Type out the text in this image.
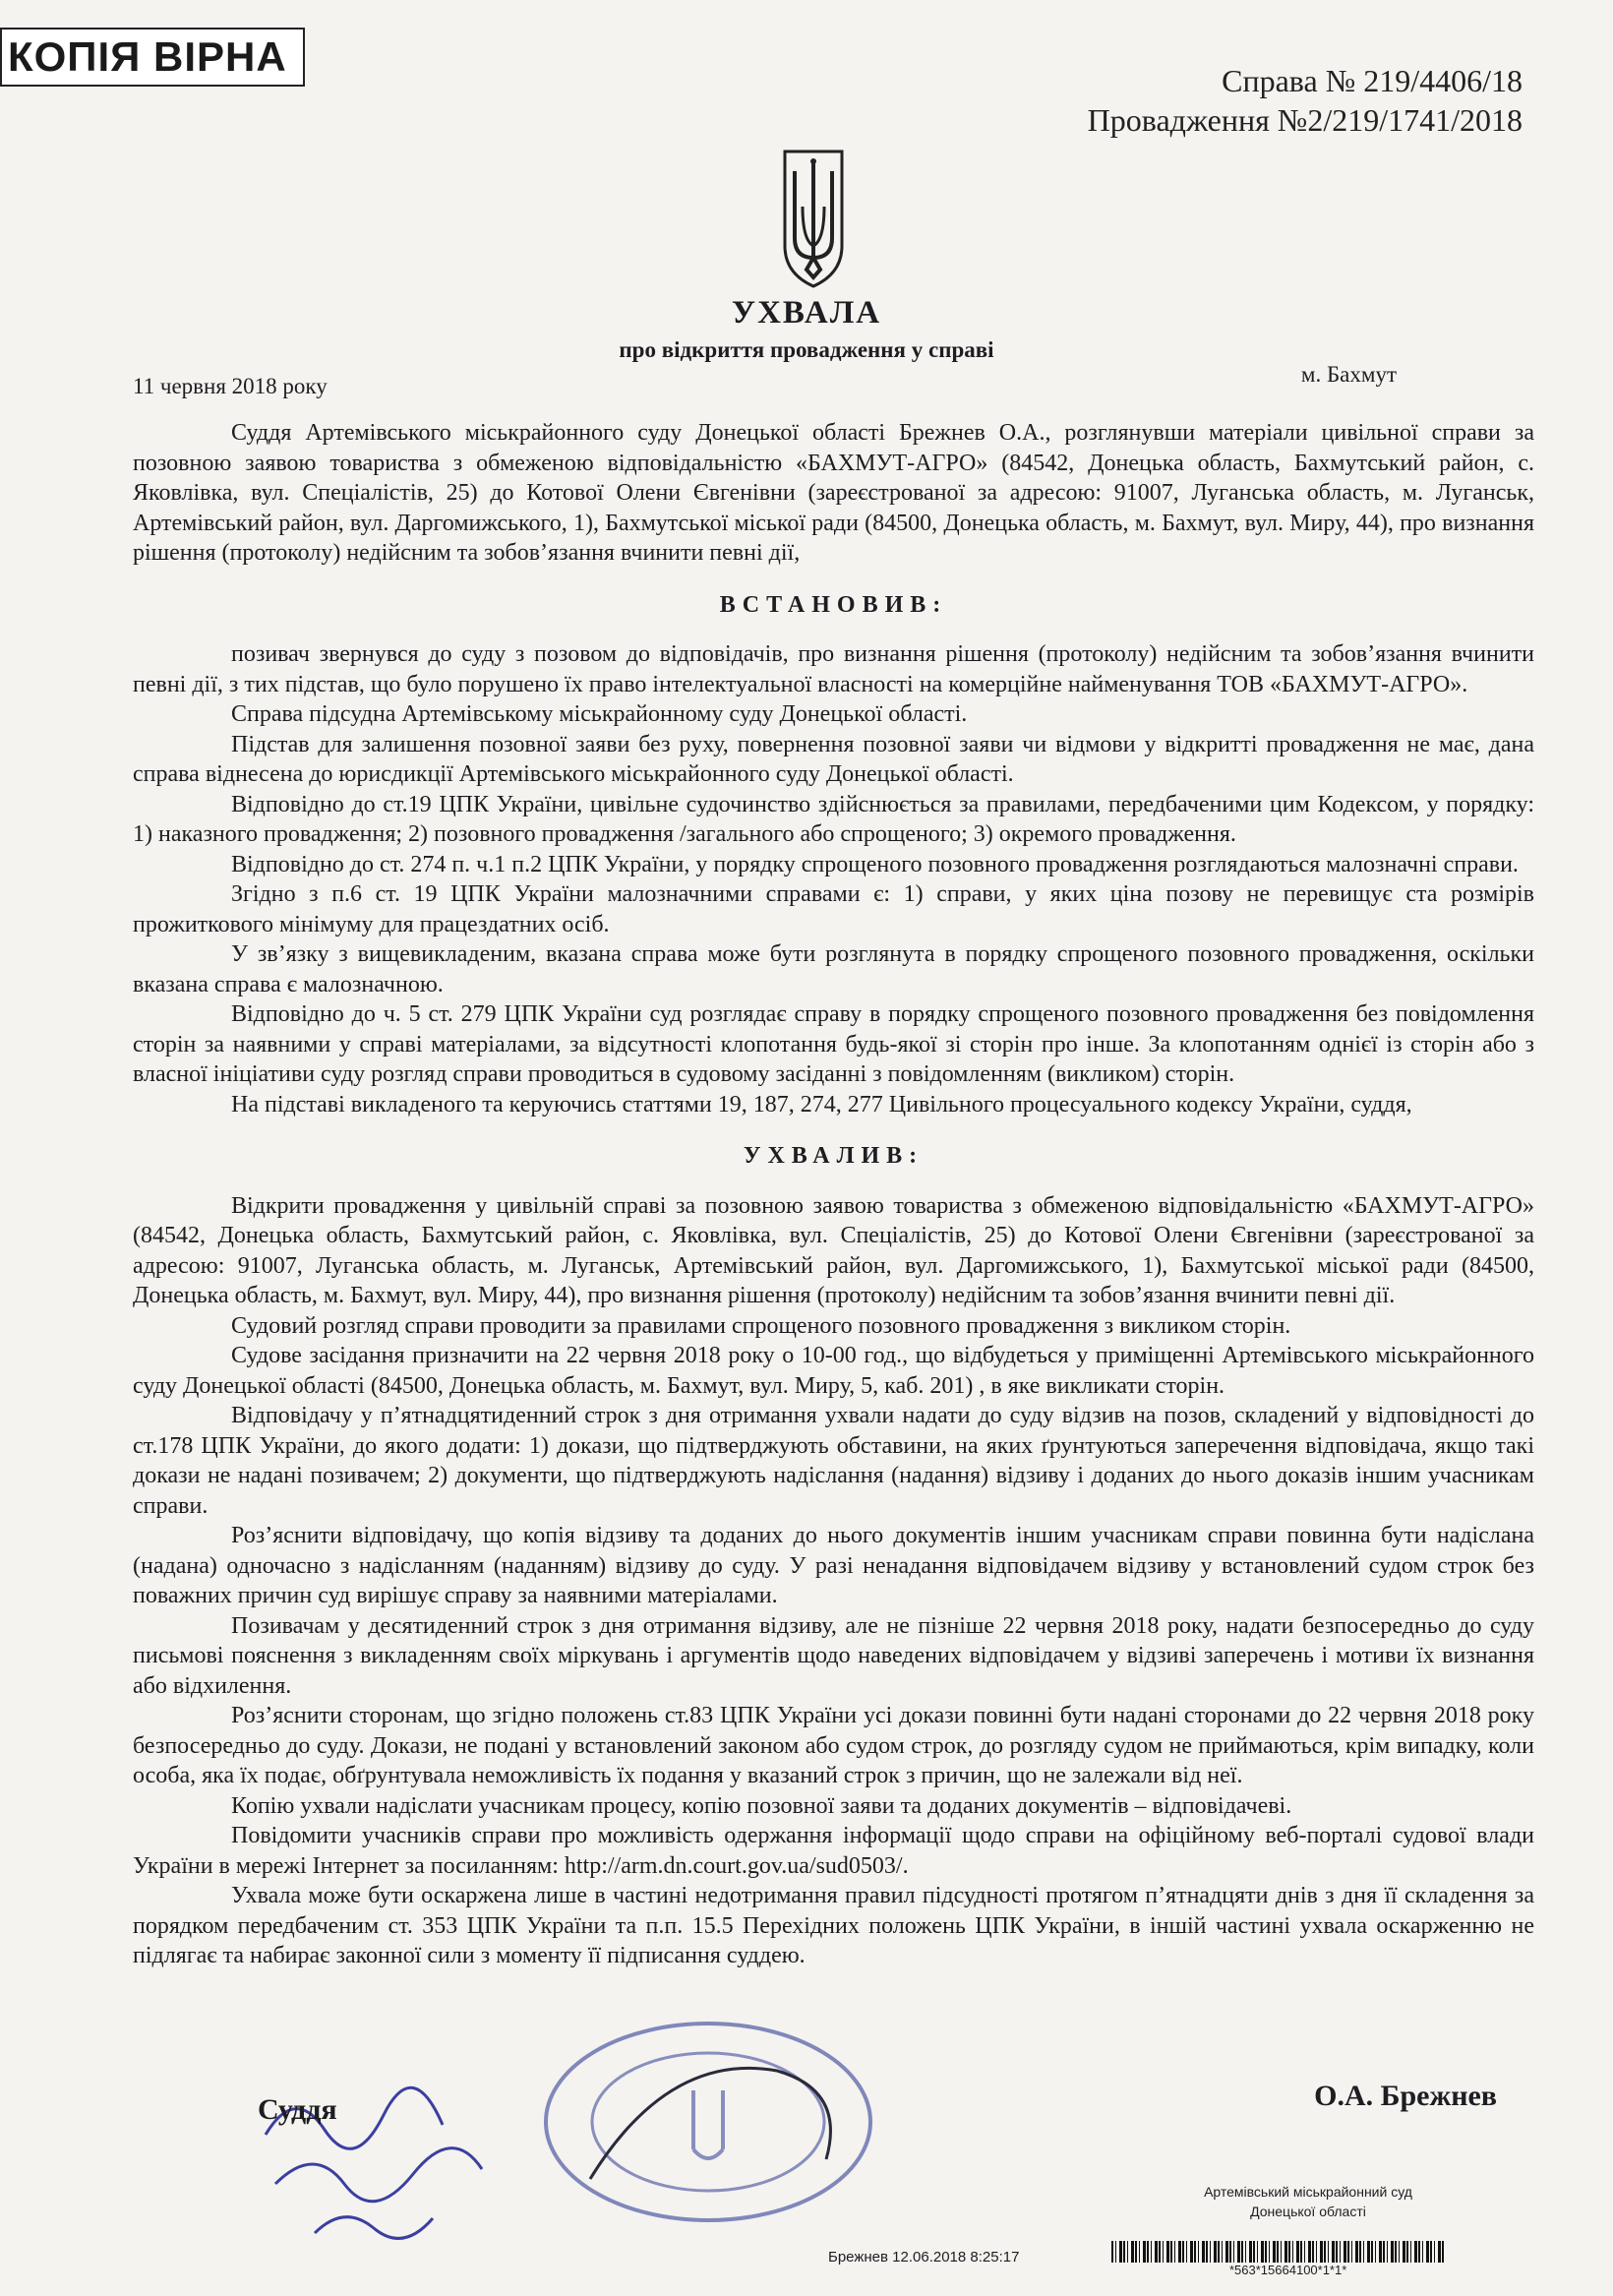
КОПІЯ ВІРНА
Справа № 219/4406/18
Провадження №2/219/1741/2018
УХВАЛА
про відкриття провадження у справі
11 червня 2018 року	м. Бахмут

Суддя Артемівського міськрайонного суду Донецької області Брежнев О.А., розглянувши матеріали цивільної справи за позовною заявою товариства з обмеженою відповідальністю «БАХМУТ-АГРО» (84542, Донецька область, Бахмутський район, с. Яковлівка, вул. Спеціалістів, 25) до Котової Олени Євгенівни (зареєстрованої за адресою: 91007, Луганська область, м. Луганськ, Артемівський район, вул. Даргомижського, 1), Бахмутської міської ради (84500, Донецька область, м. Бахмут, вул. Миру, 44), про визнання рішення (протоколу) недійсним та зобов’язання вчинити певні дії,

ВСТАНОВИВ:

позивач звернувся до суду з позовом до відповідачів, про визнання рішення (протоколу) недійсним та зобов’язання вчинити певні дії, з тих підстав, що було порушено їх право інтелектуальної власності на комерційне найменування ТОВ «БАХМУТ-АГРО».

Справа підсудна Артемівському міськрайонному суду Донецької області.

Підстав для залишення позовної заяви без руху, повернення позовної заяви чи відмови у відкритті провадження не має, дана справа віднесена до юрисдикції Артемівського міськрайонного суду Донецької області.

Відповідно до ст.19 ЦПК України, цивільне судочинство здійснюється за правилами, передбаченими цим Кодексом, у порядку: 1) наказного провадження; 2) позовного провадження /загального або спрощеного; 3) окремого провадження.

Відповідно до ст. 274 п. ч.1 п.2 ЦПК України, у порядку спрощеного позовного провадження розглядаються малозначні справи.

Згідно з п.6 ст. 19 ЦПК України малозначними справами є: 1) справи, у яких ціна позову не перевищує ста розмірів прожиткового мінімуму для працездатних осіб.

У зв’язку з вищевикладеним, вказана справа може бути розглянута в порядку спрощеного позовного провадження, оскільки вказана справа є малозначною.

Відповідно до ч. 5 ст. 279 ЦПК України суд розглядає справу в порядку спрощеного позовного провадження без повідомлення сторін за наявними у справі матеріалами, за відсутності клопотання будь-якої зі сторін про інше. За клопотанням однієї із сторін або з власної ініціативи суду розгляд справи проводиться в судовому засіданні з повідомленням (викликом) сторін.

На підставі викладеного та керуючись статтями 19, 187, 274, 277 Цивільного процесуального кодексу України, суддя,

УХВАЛИВ:

Відкрити провадження у цивільній справі за позовною заявою товариства з обмеженою відповідальністю «БАХМУТ-АГРО» (84542, Донецька область, Бахмутський район, с. Яковлівка, вул. Спеціалістів, 25) до Котової Олени Євгенівни (зареєстрованої за адресою: 91007, Луганська область, м. Луганськ, Артемівський район, вул. Даргомижського, 1), Бахмутської міської ради (84500, Донецька область, м. Бахмут, вул. Миру, 44), про визнання рішення (протоколу) недійсним та зобов’язання вчинити певні дії.

Судовий розгляд справи проводити за правилами спрощеного позовного провадження з викликом сторін.

Судове засідання призначити на 22 червня 2018 року о 10-00 год., що відбудеться у приміщенні Артемівського міськрайонного суду Донецької області (84500, Донецька область, м. Бахмут, вул. Миру, 5, каб. 201) , в яке викликати сторін.

Відповідачу у п’ятнадцятиденний строк з дня отримання ухвали надати до суду відзив на позов, складений у відповідності до ст.178 ЦПК України, до якого додати: 1) докази, що підтверджують обставини, на яких ґрунтуються заперечення відповідача, якщо такі докази не надані позивачем; 2) документи, що підтверджують надіслання (надання) відзиву і доданих до нього доказів іншим учасникам справи.

Роз’яснити відповідачу, що копія відзиву та доданих до нього документів іншим учасникам справи повинна бути надіслана (надана) одночасно з надісланням (наданням) відзиву до суду. У разі ненадання відповідачем відзиву у встановлений судом строк без поважних причин суд вирішує справу за наявними матеріалами.

Позивачам у десятиденний строк з дня отримання відзиву, але не пізніше 22 червня 2018 року, надати безпосередньо до суду письмові пояснення з викладенням своїх міркувань і аргументів щодо наведених відповідачем у відзиві заперечень і мотиви їх визнання або відхилення.

Роз’яснити сторонам, що згідно положень ст.83 ЦПК України усі докази повинні бути надані сторонами до 22 червня 2018 року безпосередньо до суду. Докази, не подані у встановлений законом або судом строк, до розгляду судом не приймаються, крім випадку, коли особа, яка їх подає, обґрунтувала неможливість їх подання у вказаний строк з причин, що не залежали від неї.

Копію ухвали надіслати учасникам процесу, копію позовної заяви та доданих документів – відповідачеві.

Повідомити учасників справи про можливість одержання інформації щодо справи на офіційному веб-порталі судової влади України в мережі Інтернет за посиланням: http://arm.dn.court.gov.ua/sud0503/.

Ухвала може бути оскаржена лише в частині недотримання правил підсудності протягом п’ятнадцяти днів з дня її складення за порядком передбаченим ст. 353 ЦПК України та п.п. 15.5 Перехідних положень ЦПК України, в іншій частині ухвала оскарженню не підлягає та набирає законної сили з моменту її підписання суддею.

Суддя	О.А. Брежнев
Артемівський міськрайонний суд
Донецької області
Брежнев 12.06.2018 8:25:17
*563*15664100*1*1*
